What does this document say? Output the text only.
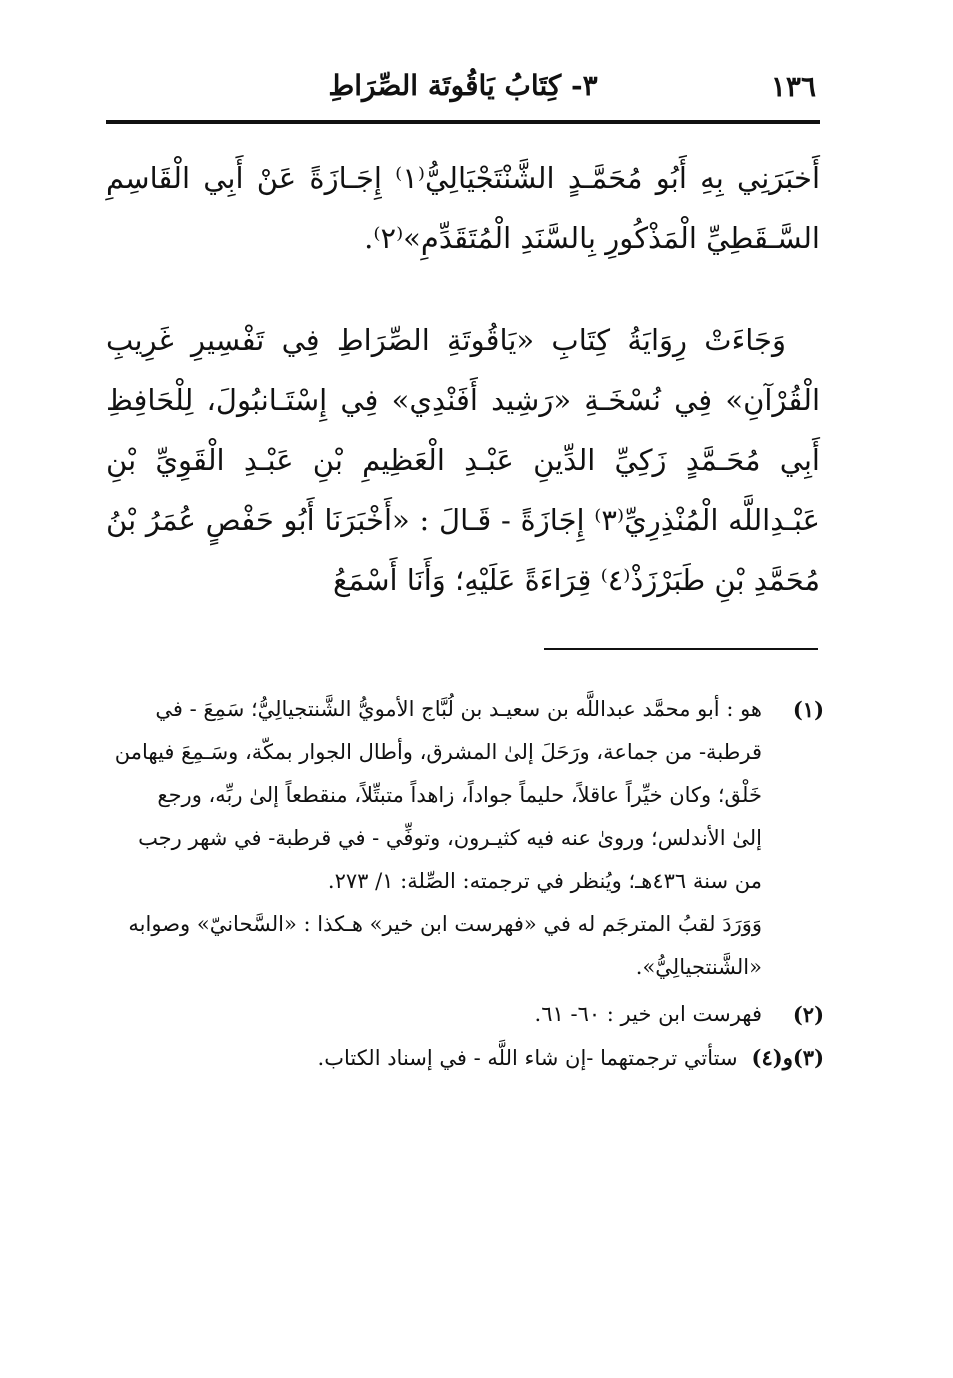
١٣٦
٣- كِتَابُ يَاقُوتَة الصِّرَاطِ

أَخبَرَنِي بِهِ أَبُو مُحَمَّـدٍ الشَّنْتَجْيَالِيُّ⁽١⁾ إِجَـازَةً عَنْ أَبِي الْقَاسِمِ السَّـقَطِيِّ الْمَذْكُورِ بِالسَّنَدِ الْمُتَقَدِّمِ»⁽٢⁾.

وَجَاءَتْ رِوَايَةُ كِتَابِ «يَاقُوتَةِ الصِّرَاطِ فِي تَفْسِيرِ غَرِيبِ الْقُرْآنِ» فِي نُسْخَـةِ «رَشِيد أَفَنْدِي» فِي إِسْتَـانبُولَ، لِلْحَافِظِ أَبِي مُحَـمَّدٍ زَكِيِّ الدِّينِ عَبْـدِ الْعَظِيمِ بْنِ عَبْـدِ الْقَوِيِّ بْنِ عَبْـدِاللَّه الْمُنْذِرِيِّ⁽٣⁾ إِجَازَةً - قَـالَ : «أَخْبَرَنَا أَبُو حَفْصٍ عُمَرُ بْنُ مُحَمَّدِ بْنِ طَبَرْزَذْ⁽٤⁾ قِرَاءَةً عَلَيْهِ؛ وَأَنَا أَسْمَعُ

(١)
هو : أبو محمَّد عبداللَّه بن سعيـد بن لُبَّاج الأمويُّ الشَّنتجيالِيُّ؛ سَمِعَ - في
قرطبة- من جماعة، ورَحَلَ إلىٰ المشرق، وأطال الجوار بمكّة، وسَـمِعَ فيهامن
خَلْق؛ وكان خيِّراً عاقلاً، حليماً جواداً، زاهداً متبتِّلاً، منقطعاً إلىٰ ربِّه، ورجع
إلىٰ الأندلس؛ وروىٰ عنه فيه كثيـرون، وتوفِّي - في قرطبة- في شهر رجب
من سنة ٤٣٦هـ؛ ويُنظر في ترجمته: الصِّلة: ١/ ٢٧٣.
وَوَرَدَ لقبُ المترجَم له في «فهرست ابن خير» هـكذا : «السَّحانيّ» وصوابه
«الشَّنتجيالِيُّ».
(٢)
فهرست ابن خير : ٦٠- ٦١.
(٣)و(٤)ستأتي ترجمتهما -إن شاء اللَّه - في إسناد الكتاب.
